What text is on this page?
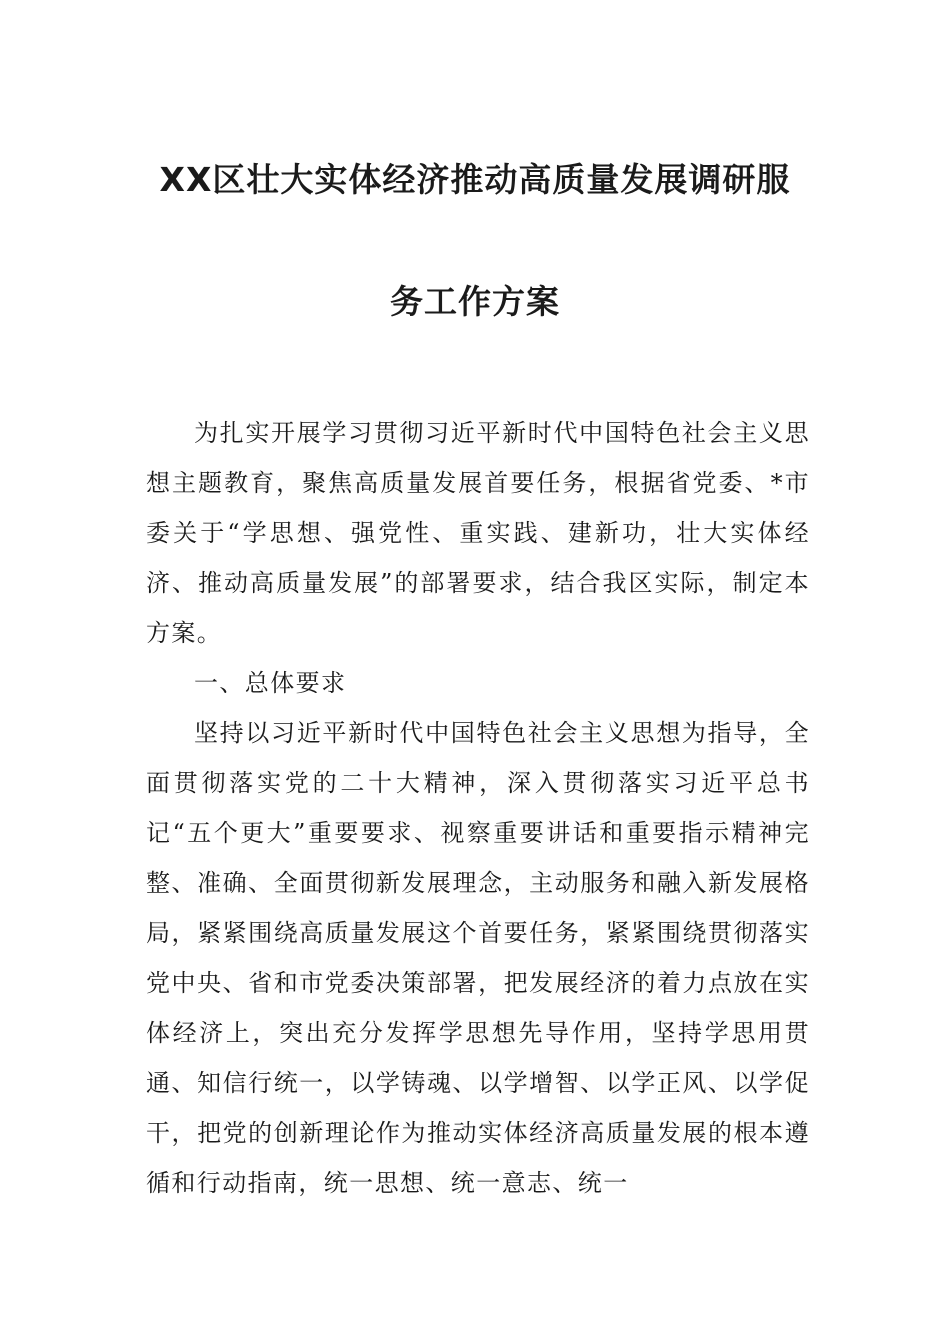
XX区壮大实体经济推动高质量发展调研服
务工作方案

为扎实开展学习贯彻习近平新时代中国特色社会主义思想主题教育，聚焦高质量发展首要任务，根据省党委、*市委关于“学思想、强党性、重实践、建新功，壮大实体经济、推动高质量发展”的部署要求，结合我区实际，制定本方案。

一、总体要求

坚持以习近平新时代中国特色社会主义思想为指导，全面贯彻落实党的二十大精神，深入贯彻落实习近平总书记“五个更大”重要要求、视察重要讲话和重要指示精神完整、准确、全面贯彻新发展理念，主动服务和融入新发展格局，紧紧围绕高质量发展这个首要任务，紧紧围绕贯彻落实党中央、省和市党委决策部署，把发展经济的着力点放在实体经济上，突出充分发挥学思想先导作用，坚持学思用贯通、知信行统一，以学铸魂、以学增智、以学正风、以学促干，把党的创新理论作为推动实体经济高质量发展的根本遵循和行动指南，统一思想、统一意志、统一
